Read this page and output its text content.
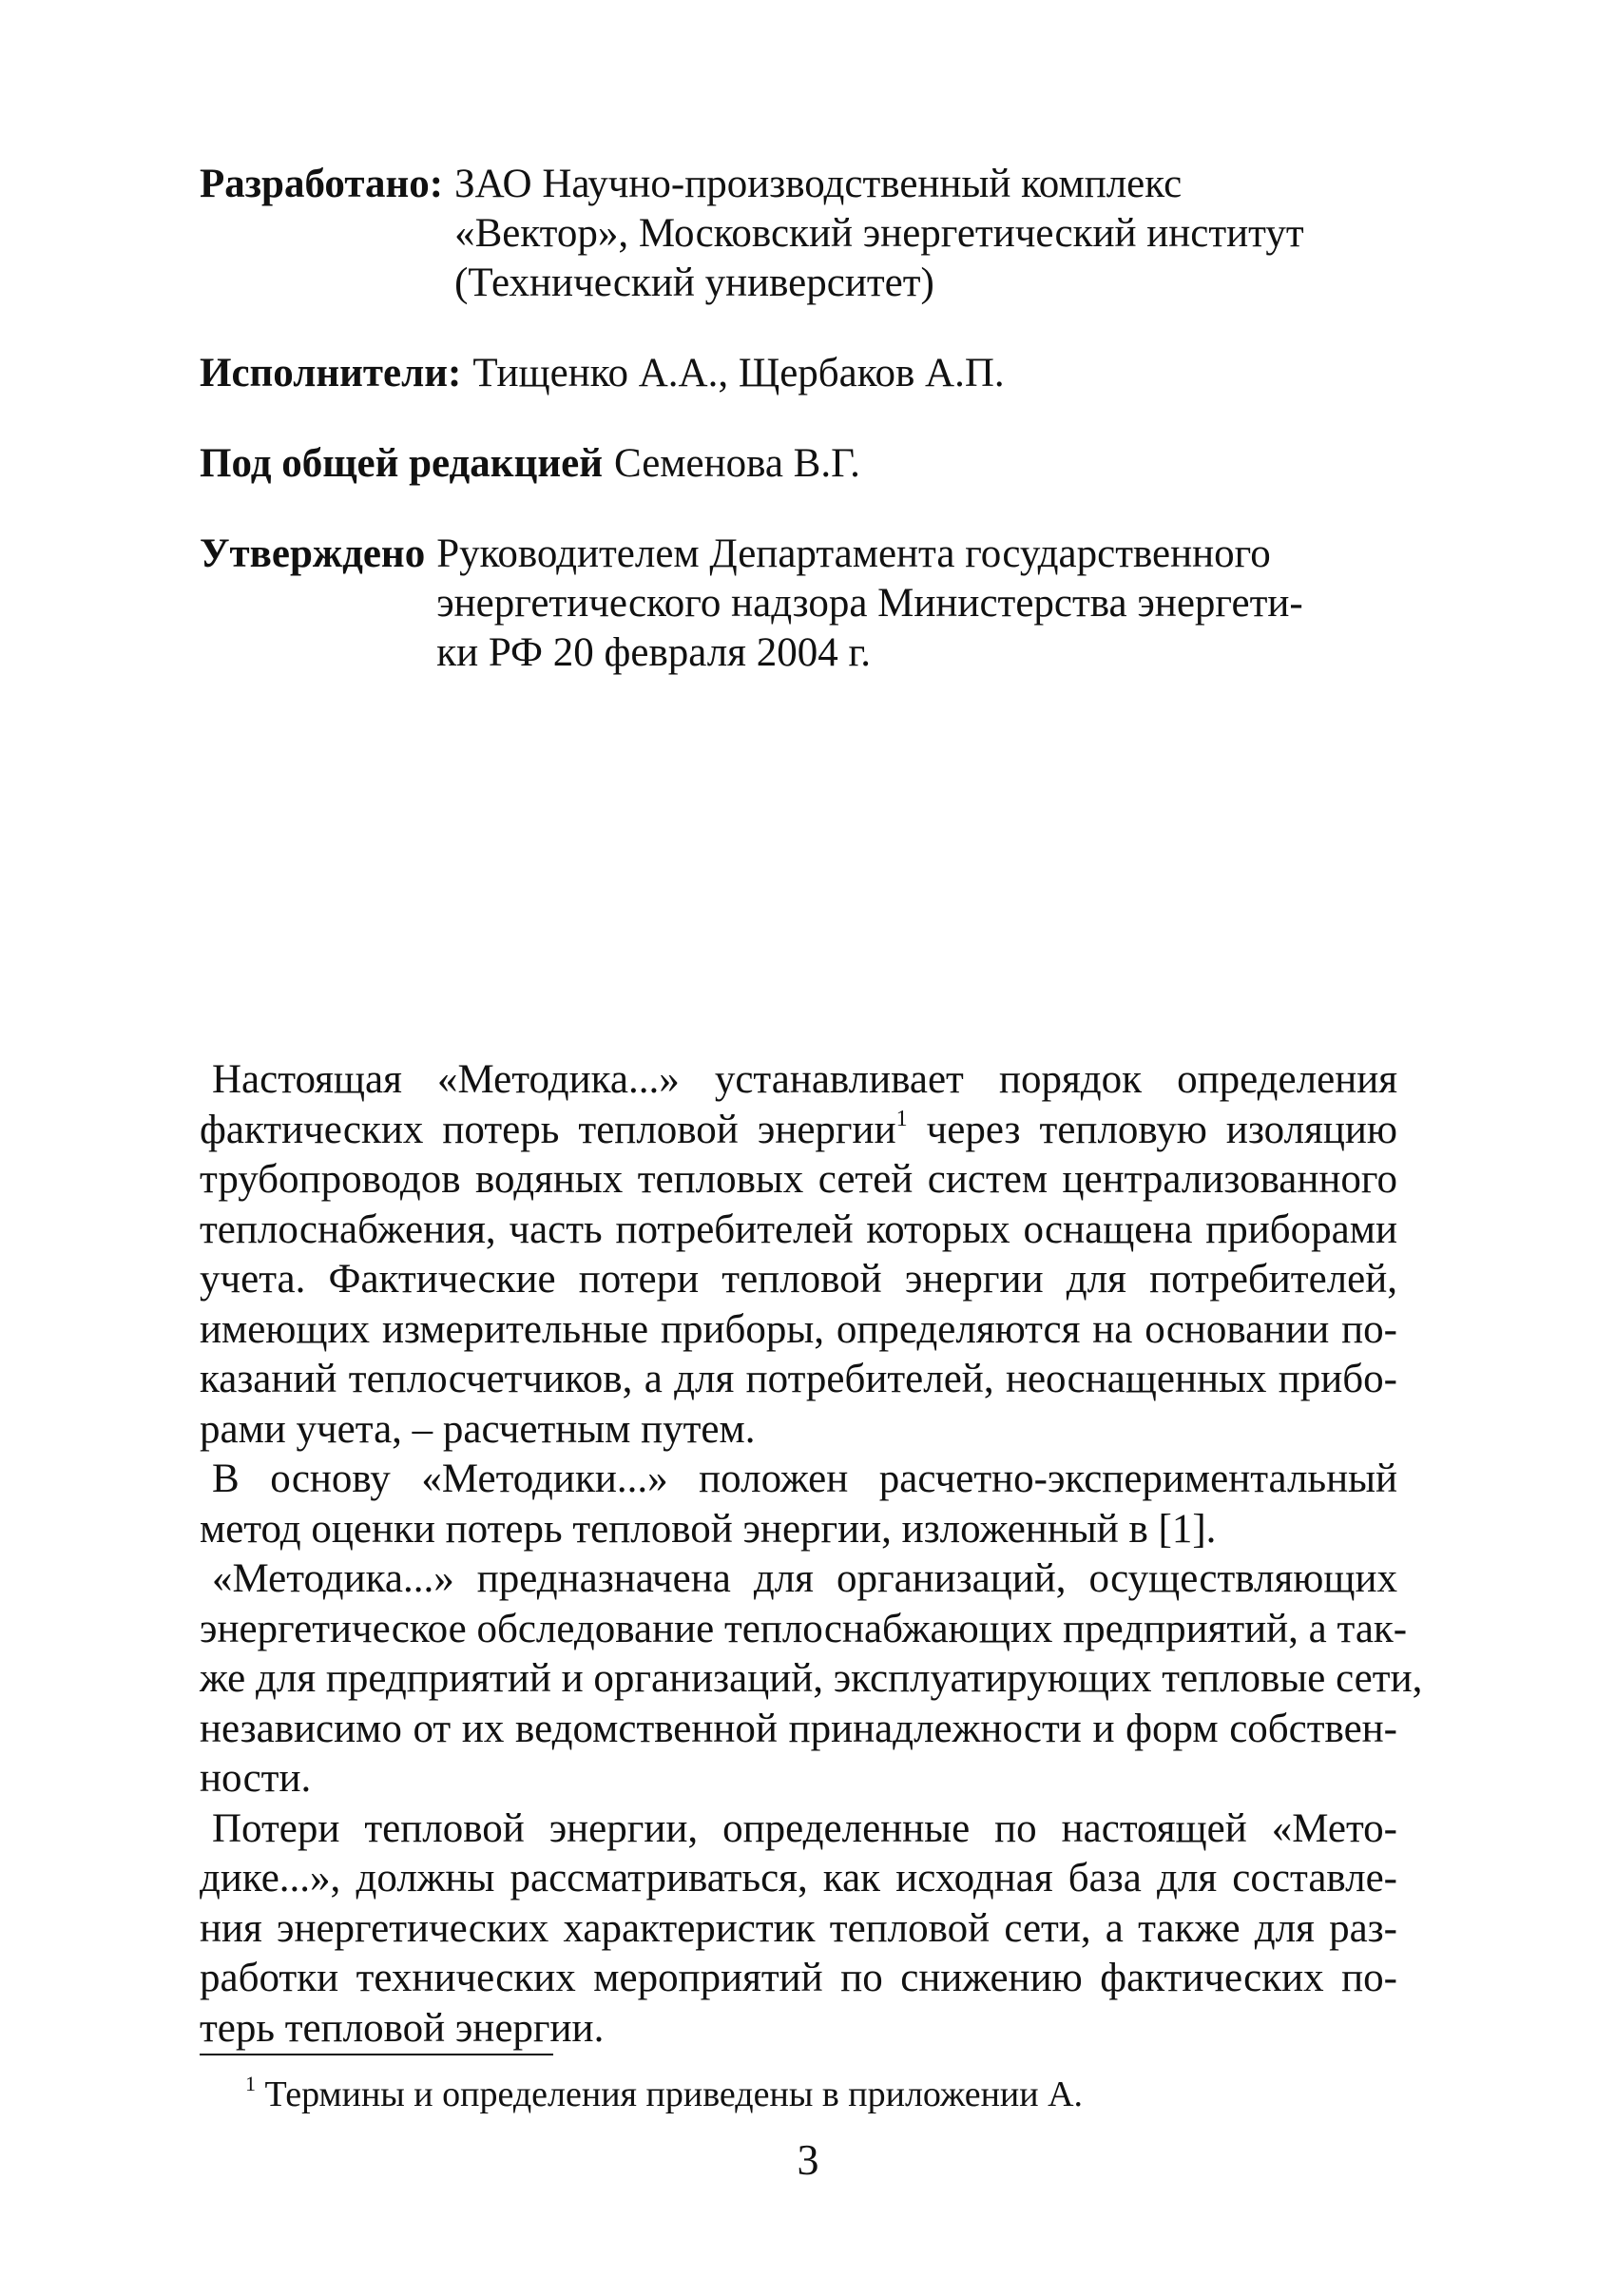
Разработано: ЗАО Научно-производственный комплекс
«Вектор», Московский энергетический институт
(Технический университет)
Исполнители: Тищенко А.А., Щербаков А.П.
Под общей редакцией Семенова В.Г.
Утверждено Руководителем Департамента государственного
энергетического надзора Министерства энергети-
ки РФ 20 февраля 2004 г.
Настоящая «Методика...» устанавливает порядок определения
фактических потерь тепловой энергии$^1$ через тепловую изоляцию
трубопроводов водяных тепловых сетей систем централизованного
теплоснабжения, часть потребителей которых оснащена приборами
учета. Фактические потери тепловой энергии для потребителей,
имеющих измерительные приборы, определяются на основании по-
казаний теплосчетчиков, а для потребителей, неоснащенных прибо-
рами учета, – расчетным путем.
В основу «Методики...» положен расчетно-экспериментальный
метод оценки потерь тепловой энергии, изложенный в [1].
«Методика...» предназначена для организаций, осуществляющих
энергетическое обследование теплоснабжающих предприятий, а так-
же для предприятий и организаций, эксплуатирующих тепловые сети,
независимо от их ведомственной принадлежности и форм собствен-
ности.
Потери тепловой энергии, определенные по настоящей «Мето-
дике...», должны рассматриваться, как исходная база для составле-
ния энергетических характеристик тепловой сети, а также для раз-
работки технических мероприятий по снижению фактических по-
терь тепловой энергии.
$^1$ Термины и определения приведены в приложении А.
3
